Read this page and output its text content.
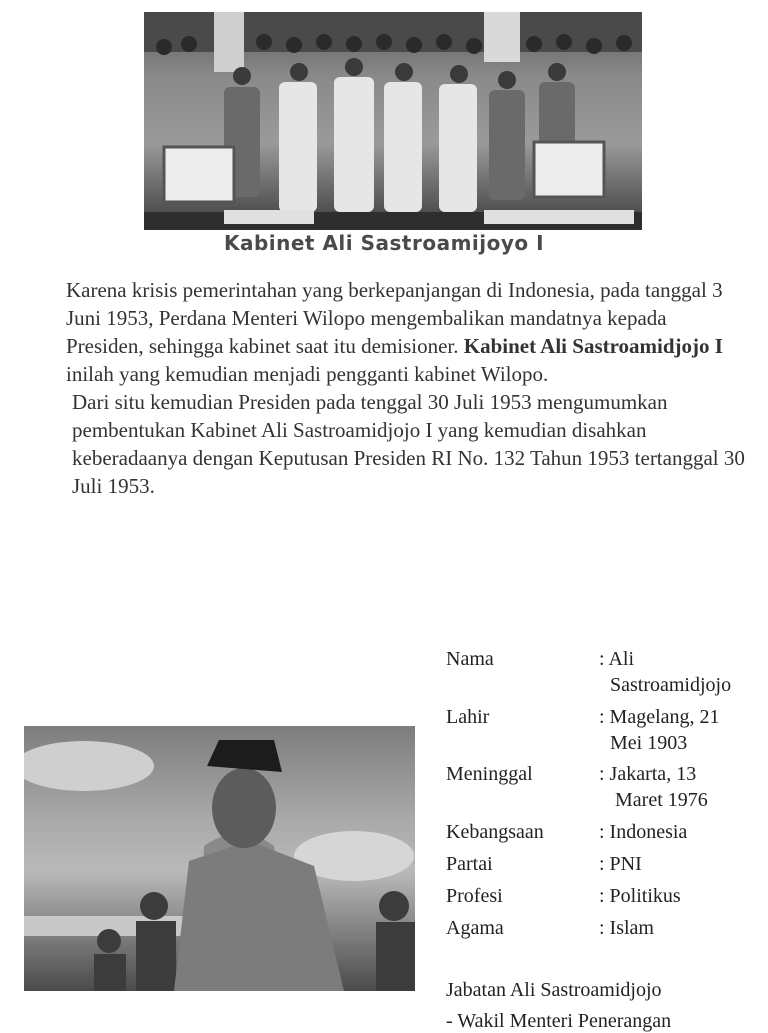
Kabinet Ali Sastroamijoyo I

Karena krisis pemerintahan yang berkepanjangan di Indonesia, pada tanggal 3 Juni 1953, Perdana Menteri Wilopo mengembalikan mandatnya kepada Presiden, sehingga kabinet saat itu demisioner. Kabinet Ali Sastroamidjojo I inilah yang kemudian menjadi pengganti kabinet Wilopo.

Dari situ kemudian Presiden pada tenggal 30 Juli 1953 mengumumkan pembentukan Kabinet Ali Sastroamidjojo I yang kemudian disahkan keberadaanya dengan Keputusan Presiden RI No. 132 Tahun 1953 tertanggal 30 Juli 1953.

Nama	: Ali
Sastroamidjojo
Lahir	: Magelang, 21
Mei 1903
Meninggal	: Jakarta, 13
Maret 1976
Kebangsaan	: Indonesia
Partai	: PNI
Profesi	: Politikus
Agama	: Islam
Jabatan Ali Sastroamidjojo
- Wakil Menteri Penerangan
